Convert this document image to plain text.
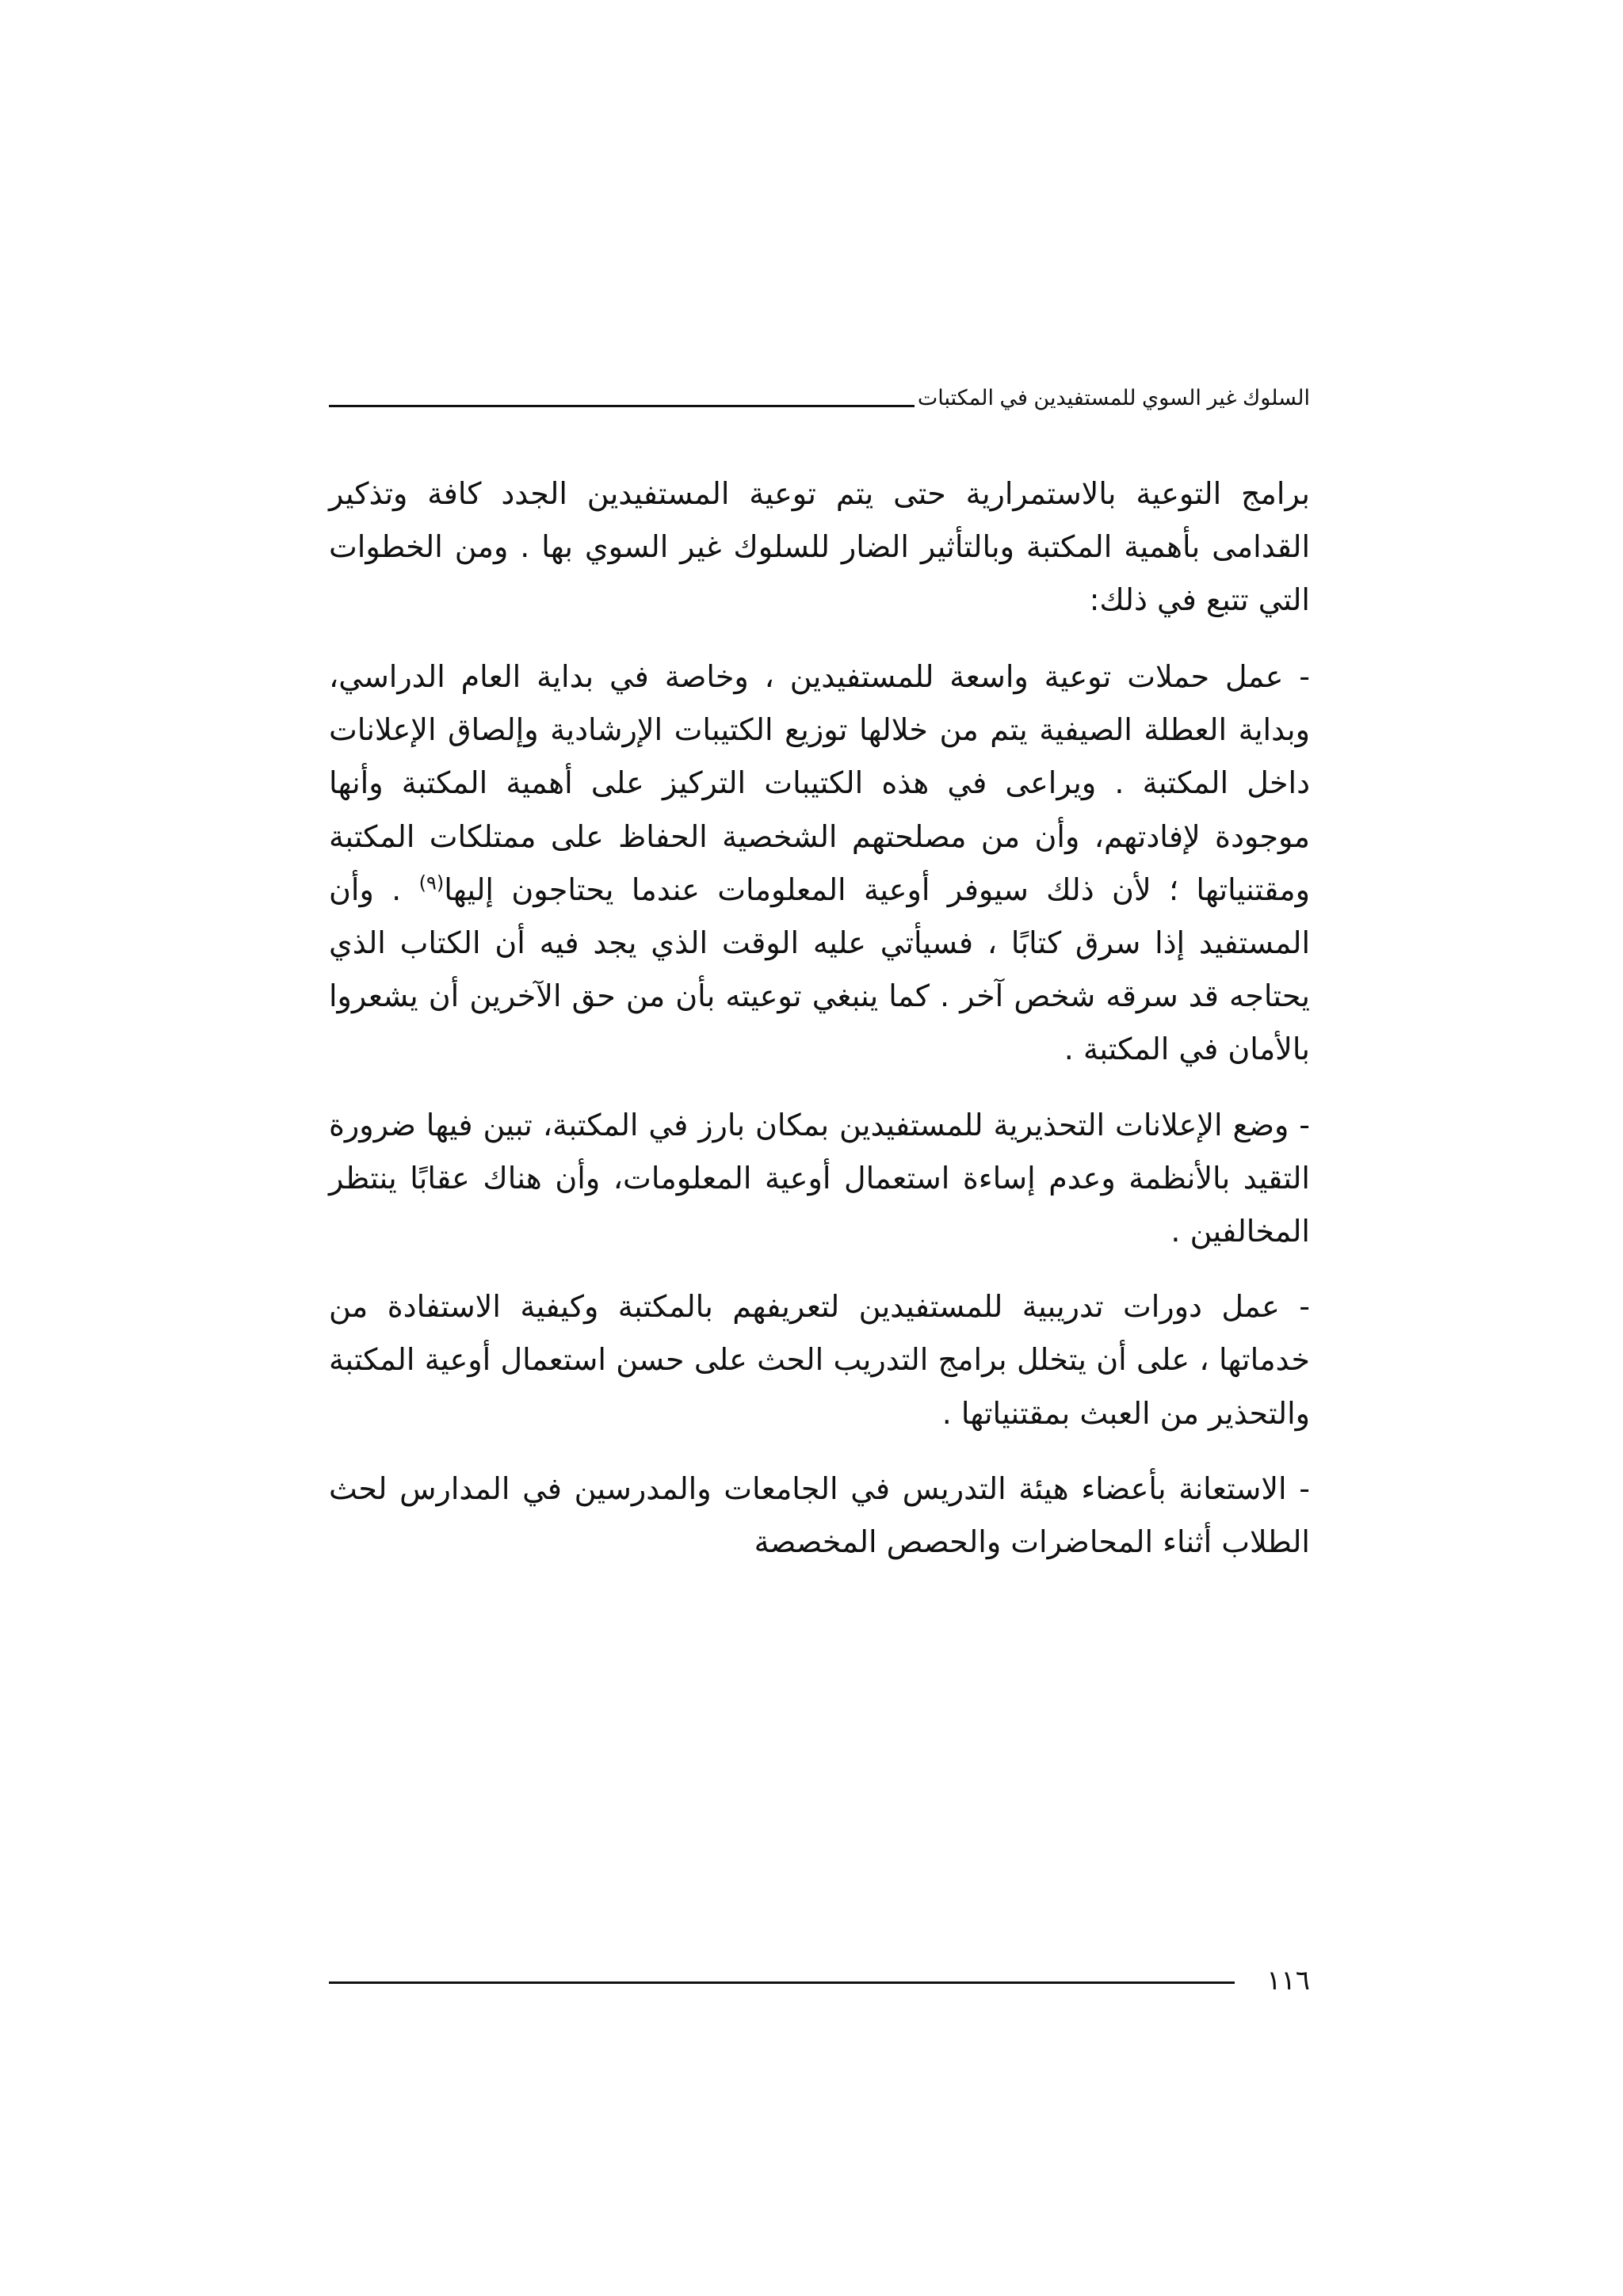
السلوك غير السوي للمستفيدين في المكتبات

برامج التوعية بالاستمرارية حتى يتم توعية المستفيدين الجدد كافة وتذكير القدامى بأهمية المكتبة وبالتأثير الضار للسلوك غير السوي بها . ومن الخطوات التي تتبع في ذلك:

- عمل حملات توعية واسعة للمستفيدين ، وخاصة في بداية العام الدراسي، وبداية العطلة الصيفية يتم من خلالها توزيع الكتيبات الإرشادية وإلصاق الإعلانات داخل المكتبة . ويراعى في هذه الكتيبات التركيز على أهمية المكتبة وأنها موجودة لإفادتهم، وأن من مصلحتهم الشخصية الحفاظ على ممتلكات المكتبة ومقتنياتها ؛ لأن ذلك سيوفر أوعية المعلومات عندما يحتاجون إليها$^{(٩)}$ . وأن المستفيد إذا سرق كتابًا ، فسيأتي عليه الوقت الذي يجد فيه أن الكتاب الذي يحتاجه قد سرقه شخص آخر . كما ينبغي توعيته بأن من حق الآخرين أن يشعروا بالأمان في المكتبة .

- وضع الإعلانات التحذيرية للمستفيدين بمكان بارز في المكتبة، تبين فيها ضرورة التقيد بالأنظمة وعدم إساءة استعمال أوعية المعلومات، وأن هناك عقابًا ينتظر المخالفين .

- عمل دورات تدريبية للمستفيدين لتعريفهم بالمكتبة وكيفية الاستفادة من خدماتها ، على أن يتخلل برامج التدريب الحث على حسن استعمال أوعية المكتبة والتحذير من العبث بمقتنياتها .

- الاستعانة بأعضاء هيئة التدريس في الجامعات والمدرسين في المدارس لحث الطلاب أثناء المحاضرات والحصص المخصصة

١١٦
